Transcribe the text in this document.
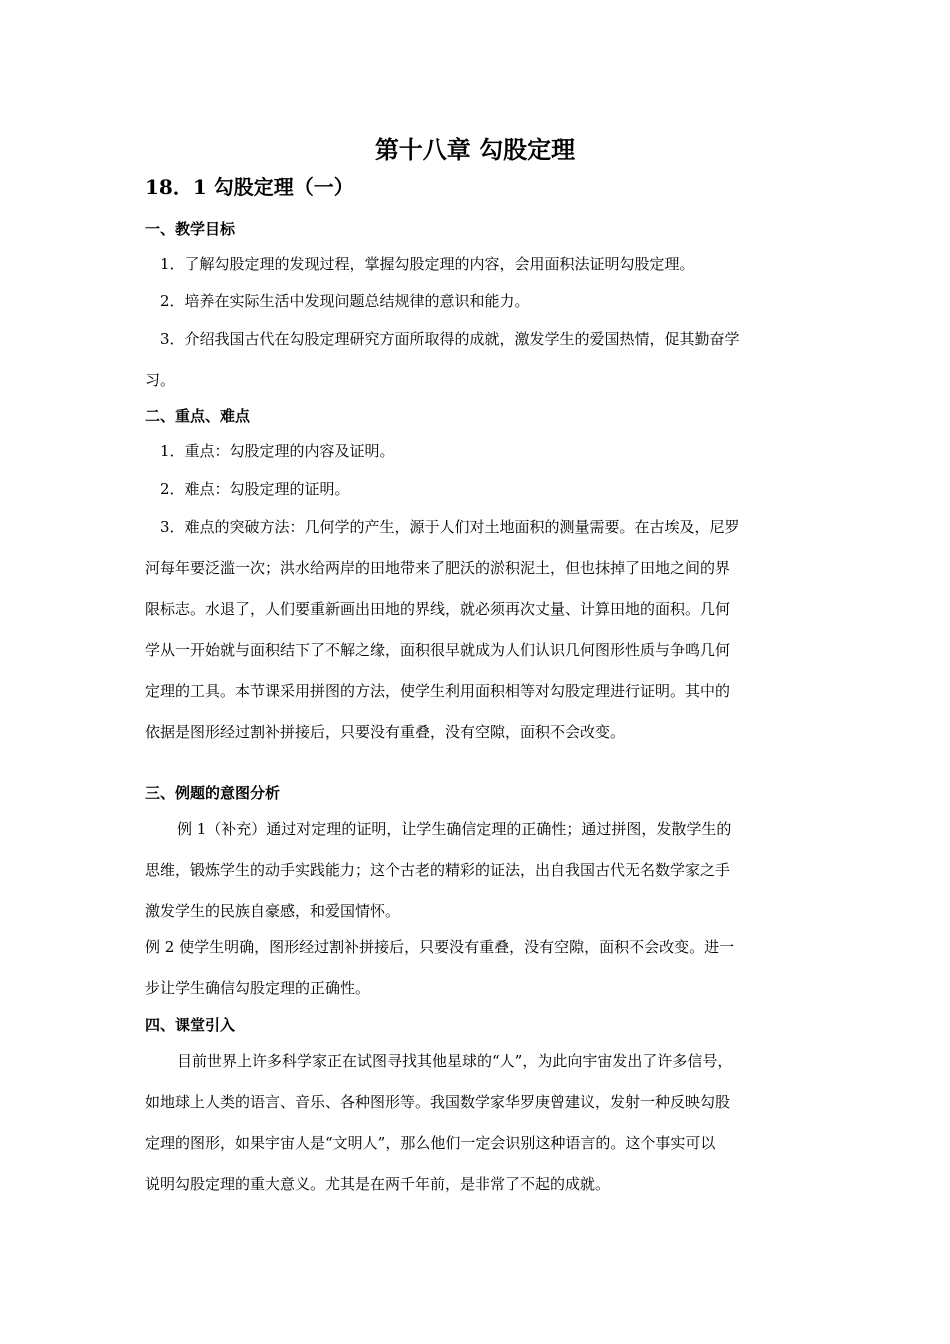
第十八章 勾股定理
18．1 勾股定理（一）
一、教学目标
1．了解勾股定理的发现过程，掌握勾股定理的内容，会用面积法证明勾股定理。
2．培养在实际生活中发现问题总结规律的意识和能力。
3．介绍我国古代在勾股定理研究方面所取得的成就，激发学生的爱国热情，促其勤奋学
习。
二、重点、难点
1．重点：勾股定理的内容及证明。
2．难点：勾股定理的证明。
3．难点的突破方法：几何学的产生，源于人们对土地面积的测量需要。在古埃及，尼罗
河每年要泛滥一次；洪水给两岸的田地带来了肥沃的淤积泥土，但也抹掉了田地之间的界
限标志。水退了，人们要重新画出田地的界线，就必须再次丈量、计算田地的面积。几何
学从一开始就与面积结下了不解之缘，面积很早就成为人们认识几何图形性质与争鸣几何
定理的工具。本节课采用拼图的方法，使学生利用面积相等对勾股定理进行证明。其中的
依据是图形经过割补拼接后，只要没有重叠，没有空隙，面积不会改变。
三、例题的意图分析
例 1（补充）通过对定理的证明，让学生确信定理的正确性；通过拼图，发散学生的
思维，锻炼学生的动手实践能力；这个古老的精彩的证法，出自我国古代无名数学家之手
激发学生的民族自豪感，和爱国情怀。
例 2 使学生明确，图形经过割补拼接后，只要没有重叠，没有空隙，面积不会改变。进一
步让学生确信勾股定理的正确性。
四、课堂引入
目前世界上许多科学家正在试图寻找其他星球的“人”，为此向宇宙发出了许多信号，
如地球上人类的语言、音乐、各种图形等。我国数学家华罗庚曾建议，发射一种反映勾股
定理的图形，如果宇宙人是“文明人”，那么他们一定会识别这种语言的。这个事实可以
说明勾股定理的重大意义。尤其是在两千年前，是非常了不起的成就。
